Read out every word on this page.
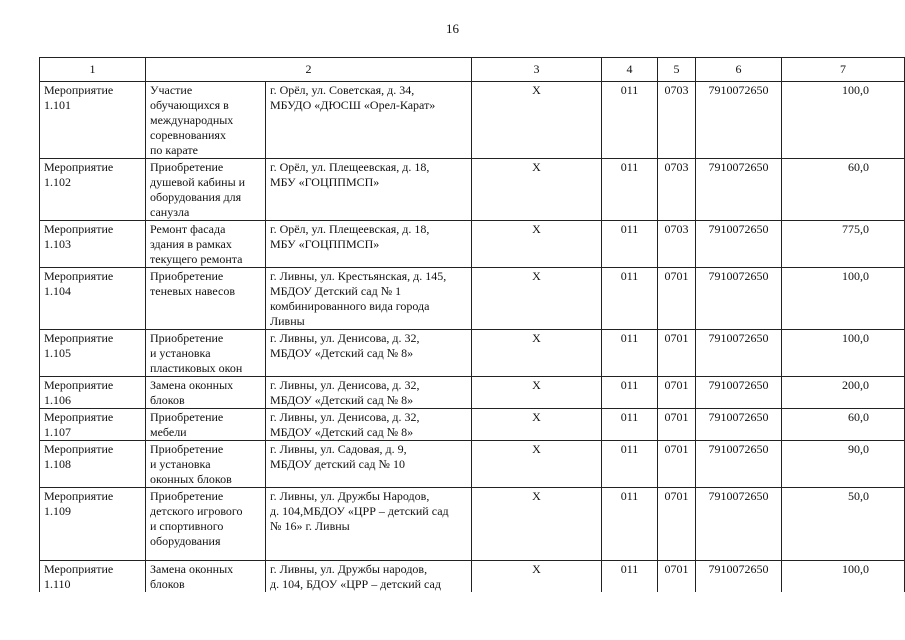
16
1	2		3	4	5	6	7
Мероприятие
1.101	Участие
обучающихся в
международных
соревнованиях
по карате	г. Орёл, ул. Советская, д. 34,
МБУДО «ДЮСШ «Орел-Карат»	Х	011	0703	7910072650	100,0
Мероприятие
1.102	Приобретение
душевой кабины и
оборудования для
санузла	г. Орёл, ул. Плещеевская, д. 18,
МБУ «ГОЦППМСП»	Х	011	0703	7910072650	60,0
Мероприятие
1.103	Ремонт фасада
здания в рамках
текущего ремонта	г. Орёл, ул. Плещеевская, д. 18,
МБУ «ГОЦППМСП»	Х	011	0703	7910072650	775,0
Мероприятие
1.104	Приобретение
теневых навесов	г. Ливны, ул. Крестьянская, д. 145,
МБДОУ Детский сад № 1
комбинированного вида города
Ливны	Х	011	0701	7910072650	100,0
Мероприятие
1.105	Приобретение
и установка
пластиковых окон	г. Ливны, ул. Денисова, д. 32,
МБДОУ «Детский сад № 8»	Х	011	0701	7910072650	100,0
Мероприятие
1.106	Замена оконных
блоков	г. Ливны, ул. Денисова, д. 32,
МБДОУ «Детский сад № 8»	Х	011	0701	7910072650	200,0
Мероприятие
1.107	Приобретение
мебели	г. Ливны, ул. Денисова, д. 32,
МБДОУ «Детский сад № 8»	Х	011	0701	7910072650	60,0
Мероприятие
1.108	Приобретение
и установка
оконных блоков	г. Ливны, ул. Садовая, д. 9,
МБДОУ детский сад № 10	Х	011	0701	7910072650	90,0
Мероприятие
1.109	Приобретение
детского игрового
и спортивного
оборудования	г. Ливны, ул. Дружбы Народов,
д. 104,МБДОУ «ЦРР – детский сад
№ 16» г. Ливны	Х	011	0701	7910072650	50,0
Мероприятие
1.110	Замена оконных
блоков	г. Ливны, ул. Дружбы народов,
д. 104, БДОУ «ЦРР – детский сад	Х	011	0701	7910072650	100,0
